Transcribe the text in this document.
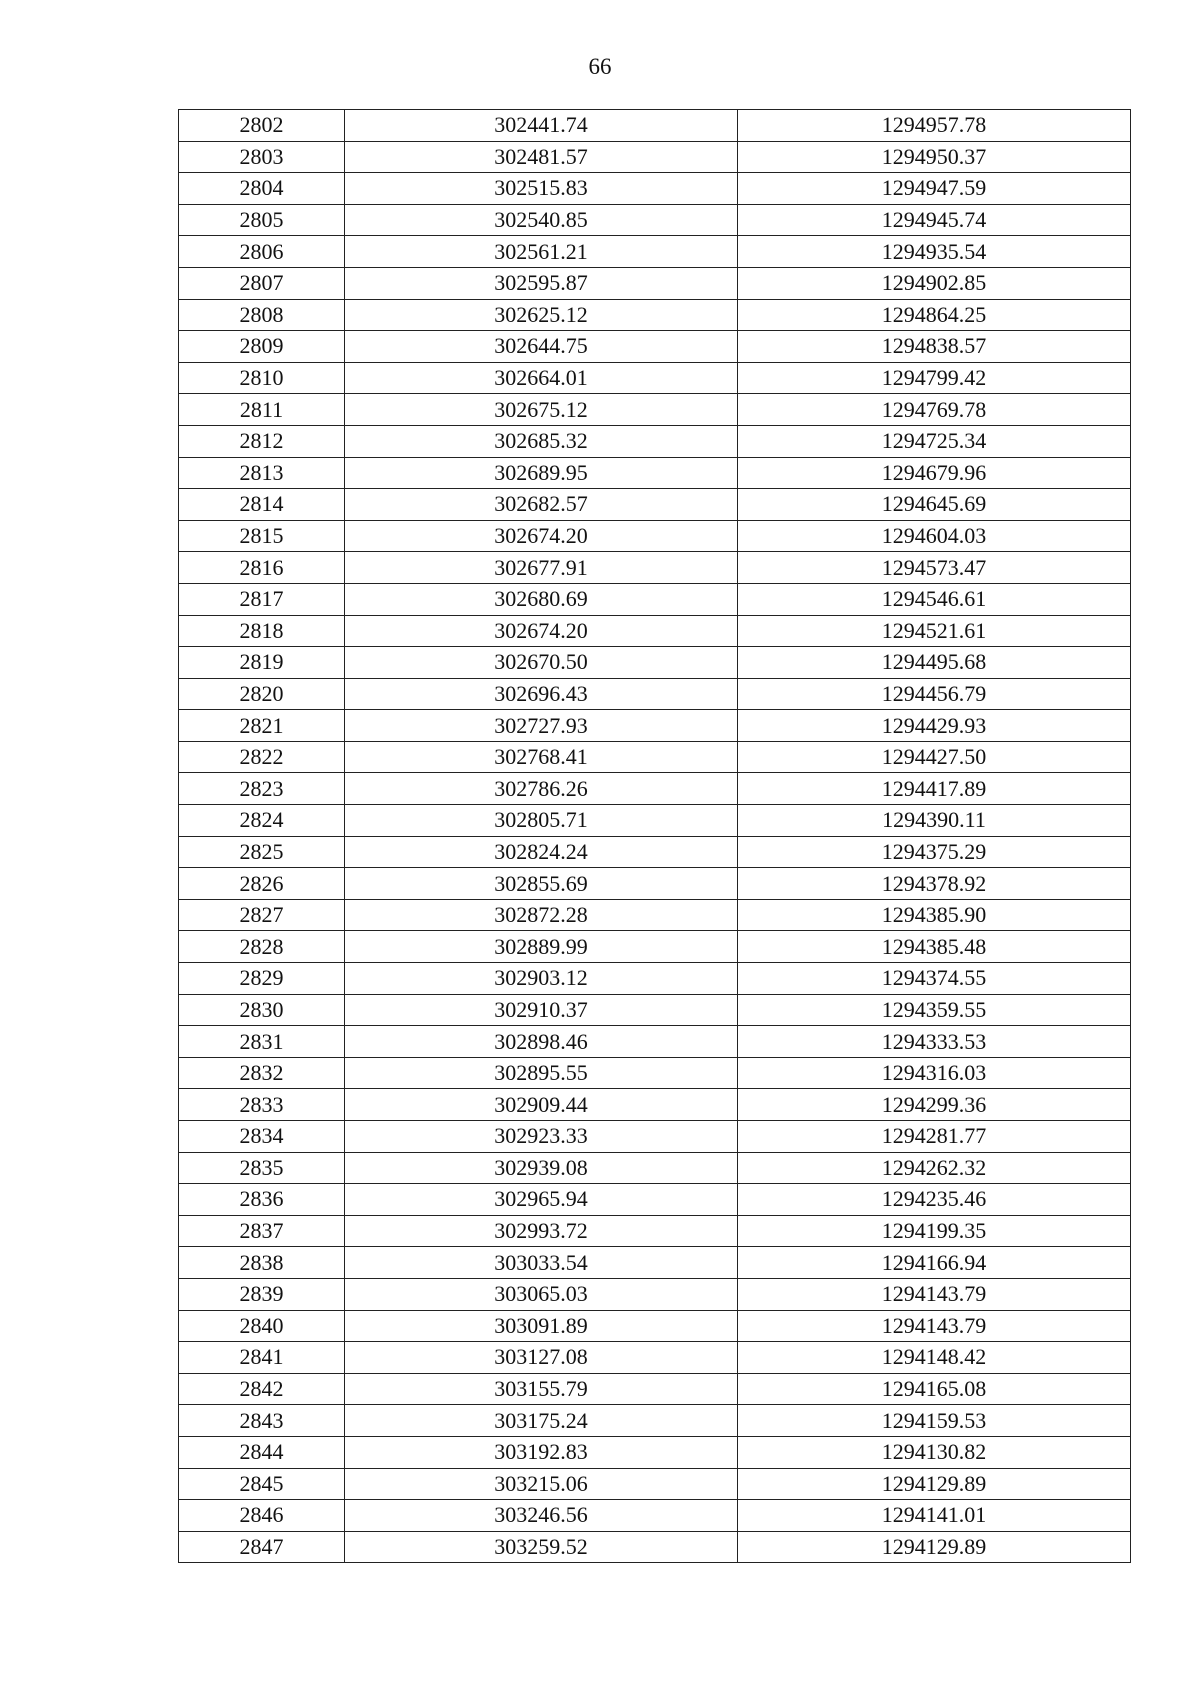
66
2802	302441.74	1294957.78
2803	302481.57	1294950.37
2804	302515.83	1294947.59
2805	302540.85	1294945.74
2806	302561.21	1294935.54
2807	302595.87	1294902.85
2808	302625.12	1294864.25
2809	302644.75	1294838.57
2810	302664.01	1294799.42
2811	302675.12	1294769.78
2812	302685.32	1294725.34
2813	302689.95	1294679.96
2814	302682.57	1294645.69
2815	302674.20	1294604.03
2816	302677.91	1294573.47
2817	302680.69	1294546.61
2818	302674.20	1294521.61
2819	302670.50	1294495.68
2820	302696.43	1294456.79
2821	302727.93	1294429.93
2822	302768.41	1294427.50
2823	302786.26	1294417.89
2824	302805.71	1294390.11
2825	302824.24	1294375.29
2826	302855.69	1294378.92
2827	302872.28	1294385.90
2828	302889.99	1294385.48
2829	302903.12	1294374.55
2830	302910.37	1294359.55
2831	302898.46	1294333.53
2832	302895.55	1294316.03
2833	302909.44	1294299.36
2834	302923.33	1294281.77
2835	302939.08	1294262.32
2836	302965.94	1294235.46
2837	302993.72	1294199.35
2838	303033.54	1294166.94
2839	303065.03	1294143.79
2840	303091.89	1294143.79
2841	303127.08	1294148.42
2842	303155.79	1294165.08
2843	303175.24	1294159.53
2844	303192.83	1294130.82
2845	303215.06	1294129.89
2846	303246.56	1294141.01
2847	303259.52	1294129.89
